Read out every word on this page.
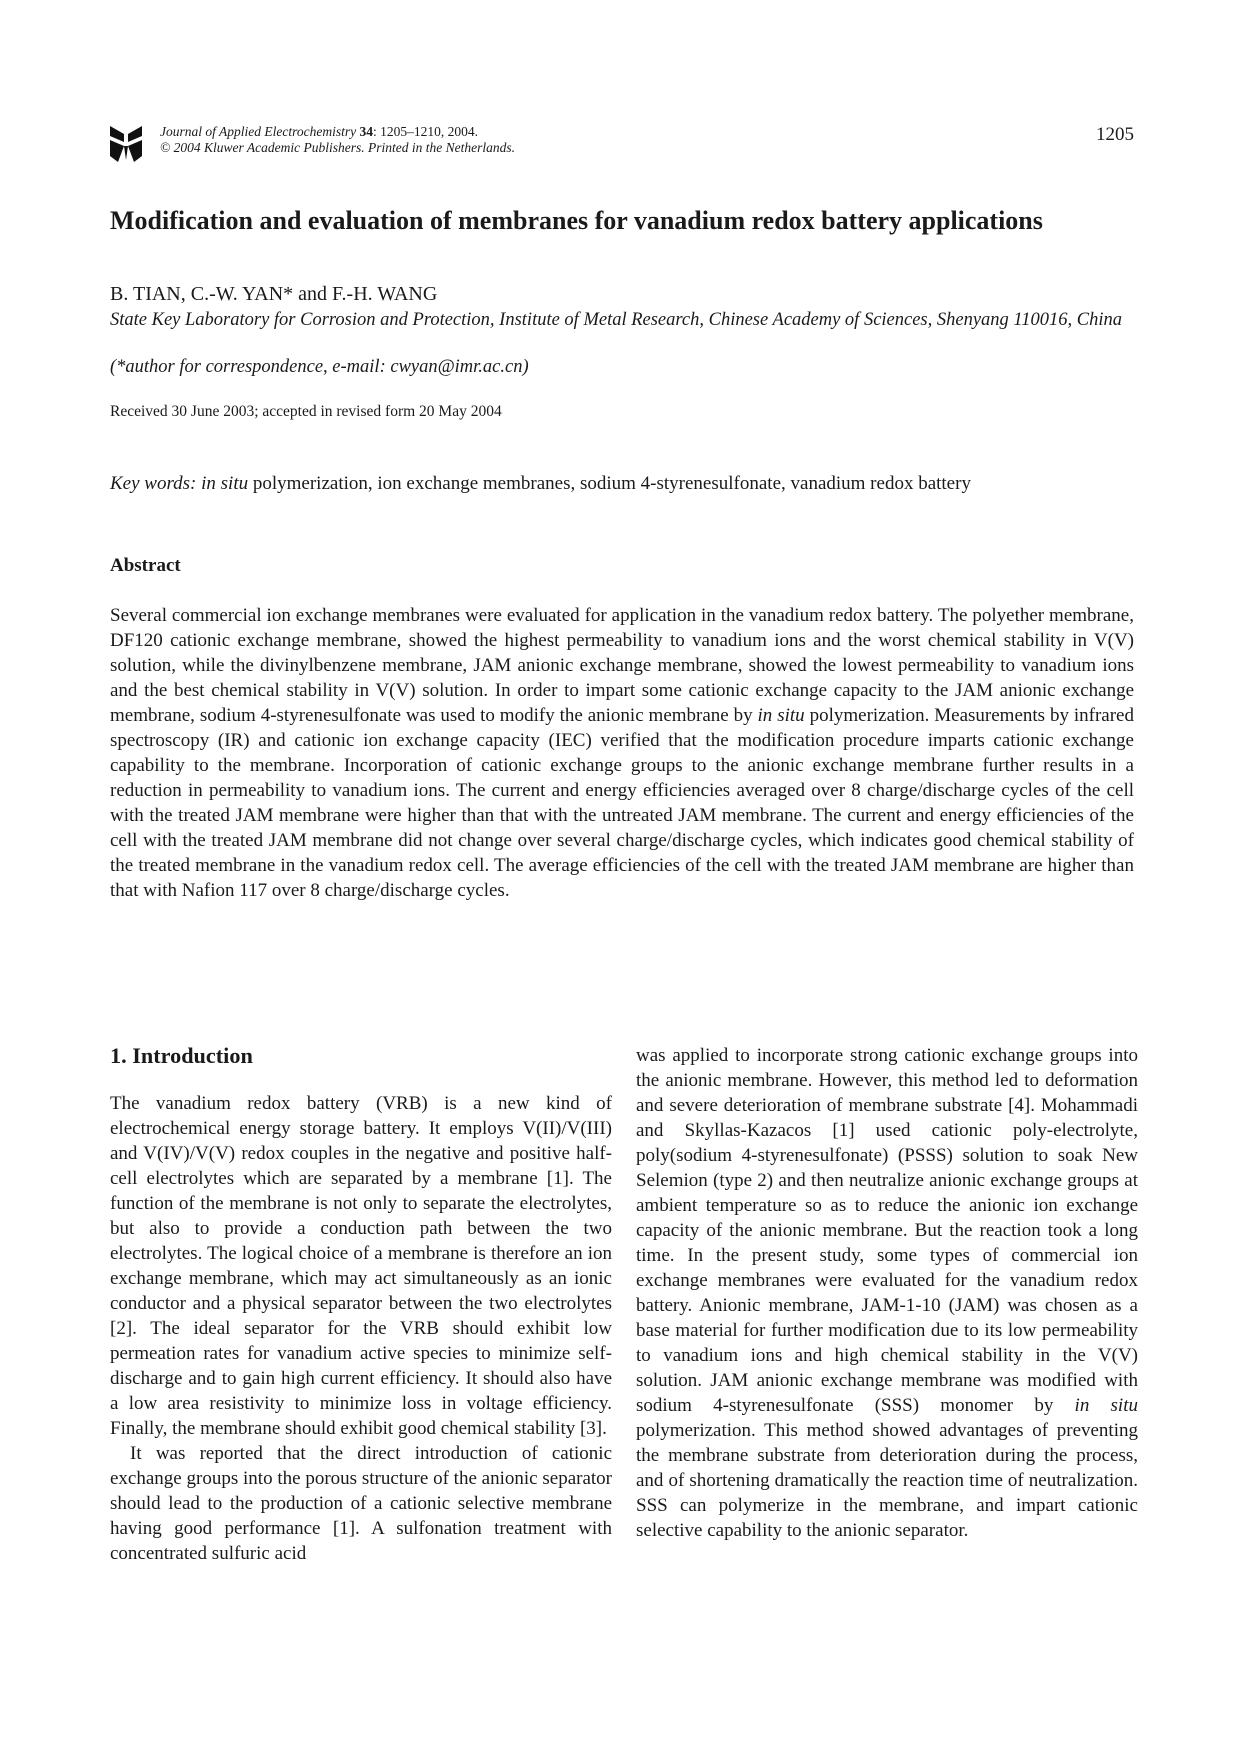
Journal of Applied Electrochemistry 34: 1205–1210, 2004.
© 2004 Kluwer Academic Publishers. Printed in the Netherlands.
1205
Modification and evaluation of membranes for vanadium redox battery applications
B. TIAN, C.-W. YAN* and F.-H. WANG
State Key Laboratory for Corrosion and Protection, Institute of Metal Research, Chinese Academy of Sciences, Shenyang 110016, China
(*author for correspondence, e-mail: cwyan@imr.ac.cn)
Received 30 June 2003; accepted in revised form 20 May 2004
Key words: in situ polymerization, ion exchange membranes, sodium 4-styrenesulfonate, vanadium redox battery
Abstract

Several commercial ion exchange membranes were evaluated for application in the vanadium redox battery. The polyether membrane, DF120 cationic exchange membrane, showed the highest permeability to vanadium ions and the worst chemical stability in V(V) solution, while the divinylbenzene membrane, JAM anionic exchange membrane, showed the lowest permeability to vanadium ions and the best chemical stability in V(V) solution. In order to impart some cationic exchange capacity to the JAM anionic exchange membrane, sodium 4-styrenesulfonate was used to modify the anionic membrane by in situ polymerization. Measurements by infrared spectroscopy (IR) and cationic ion exchange capacity (IEC) verified that the modification procedure imparts cationic exchange capability to the membrane. Incorporation of cationic exchange groups to the anionic exchange membrane further results in a reduction in permeability to vanadium ions. The current and energy efficiencies averaged over 8 charge/discharge cycles of the cell with the treated JAM membrane were higher than that with the untreated JAM membrane. The current and energy efficiencies of the cell with the treated JAM membrane did not change over several charge/discharge cycles, which indicates good chemical stability of the treated membrane in the vanadium redox cell. The average efficiencies of the cell with the treated JAM membrane are higher than that with Nafion 117 over 8 charge/discharge cycles.

1. Introduction

The vanadium redox battery (VRB) is a new kind of electrochemical energy storage battery. It employs V(II)/V(III) and V(IV)/V(V) redox couples in the negative and positive half-cell electrolytes which are separated by a membrane [1]. The function of the membrane is not only to separate the electrolytes, but also to provide a conduction path between the two electrolytes. The logical choice of a membrane is therefore an ion exchange membrane, which may act simultaneously as an ionic conductor and a physical separator between the two electrolytes [2]. The ideal separator for the VRB should exhibit low permeation rates for vanadium active species to minimize self-discharge and to gain high current efficiency. It should also have a low area resistivity to minimize loss in voltage efficiency. Finally, the membrane should exhibit good chemical stability [3].

It was reported that the direct introduction of cationic exchange groups into the porous structure of the anionic separator should lead to the production of a cationic selective membrane having good performance [1]. A sulfonation treatment with concentrated sulfuric acid

was applied to incorporate strong cationic exchange groups into the anionic membrane. However, this method led to deformation and severe deterioration of membrane substrate [4]. Mohammadi and Skyllas-Kazacos [1] used cationic poly-electrolyte, poly(sodium 4-styrenesulfonate) (PSSS) solution to soak New Selemion (type 2) and then neutralize anionic exchange groups at ambient temperature so as to reduce the anionic ion exchange capacity of the anionic membrane. But the reaction took a long time. In the present study, some types of commercial ion exchange membranes were evaluated for the vanadium redox battery. Anionic membrane, JAM-1-10 (JAM) was chosen as a base material for further modification due to its low permeability to vanadium ions and high chemical stability in the V(V) solution. JAM anionic exchange membrane was modified with sodium 4-styrenesulfonate (SSS) monomer by in situ polymerization. This method showed advantages of preventing the membrane substrate from deterioration during the process, and of shortening dramatically the reaction time of neutralization. SSS can polymerize in the membrane, and impart cationic selective capability to the anionic separator.
